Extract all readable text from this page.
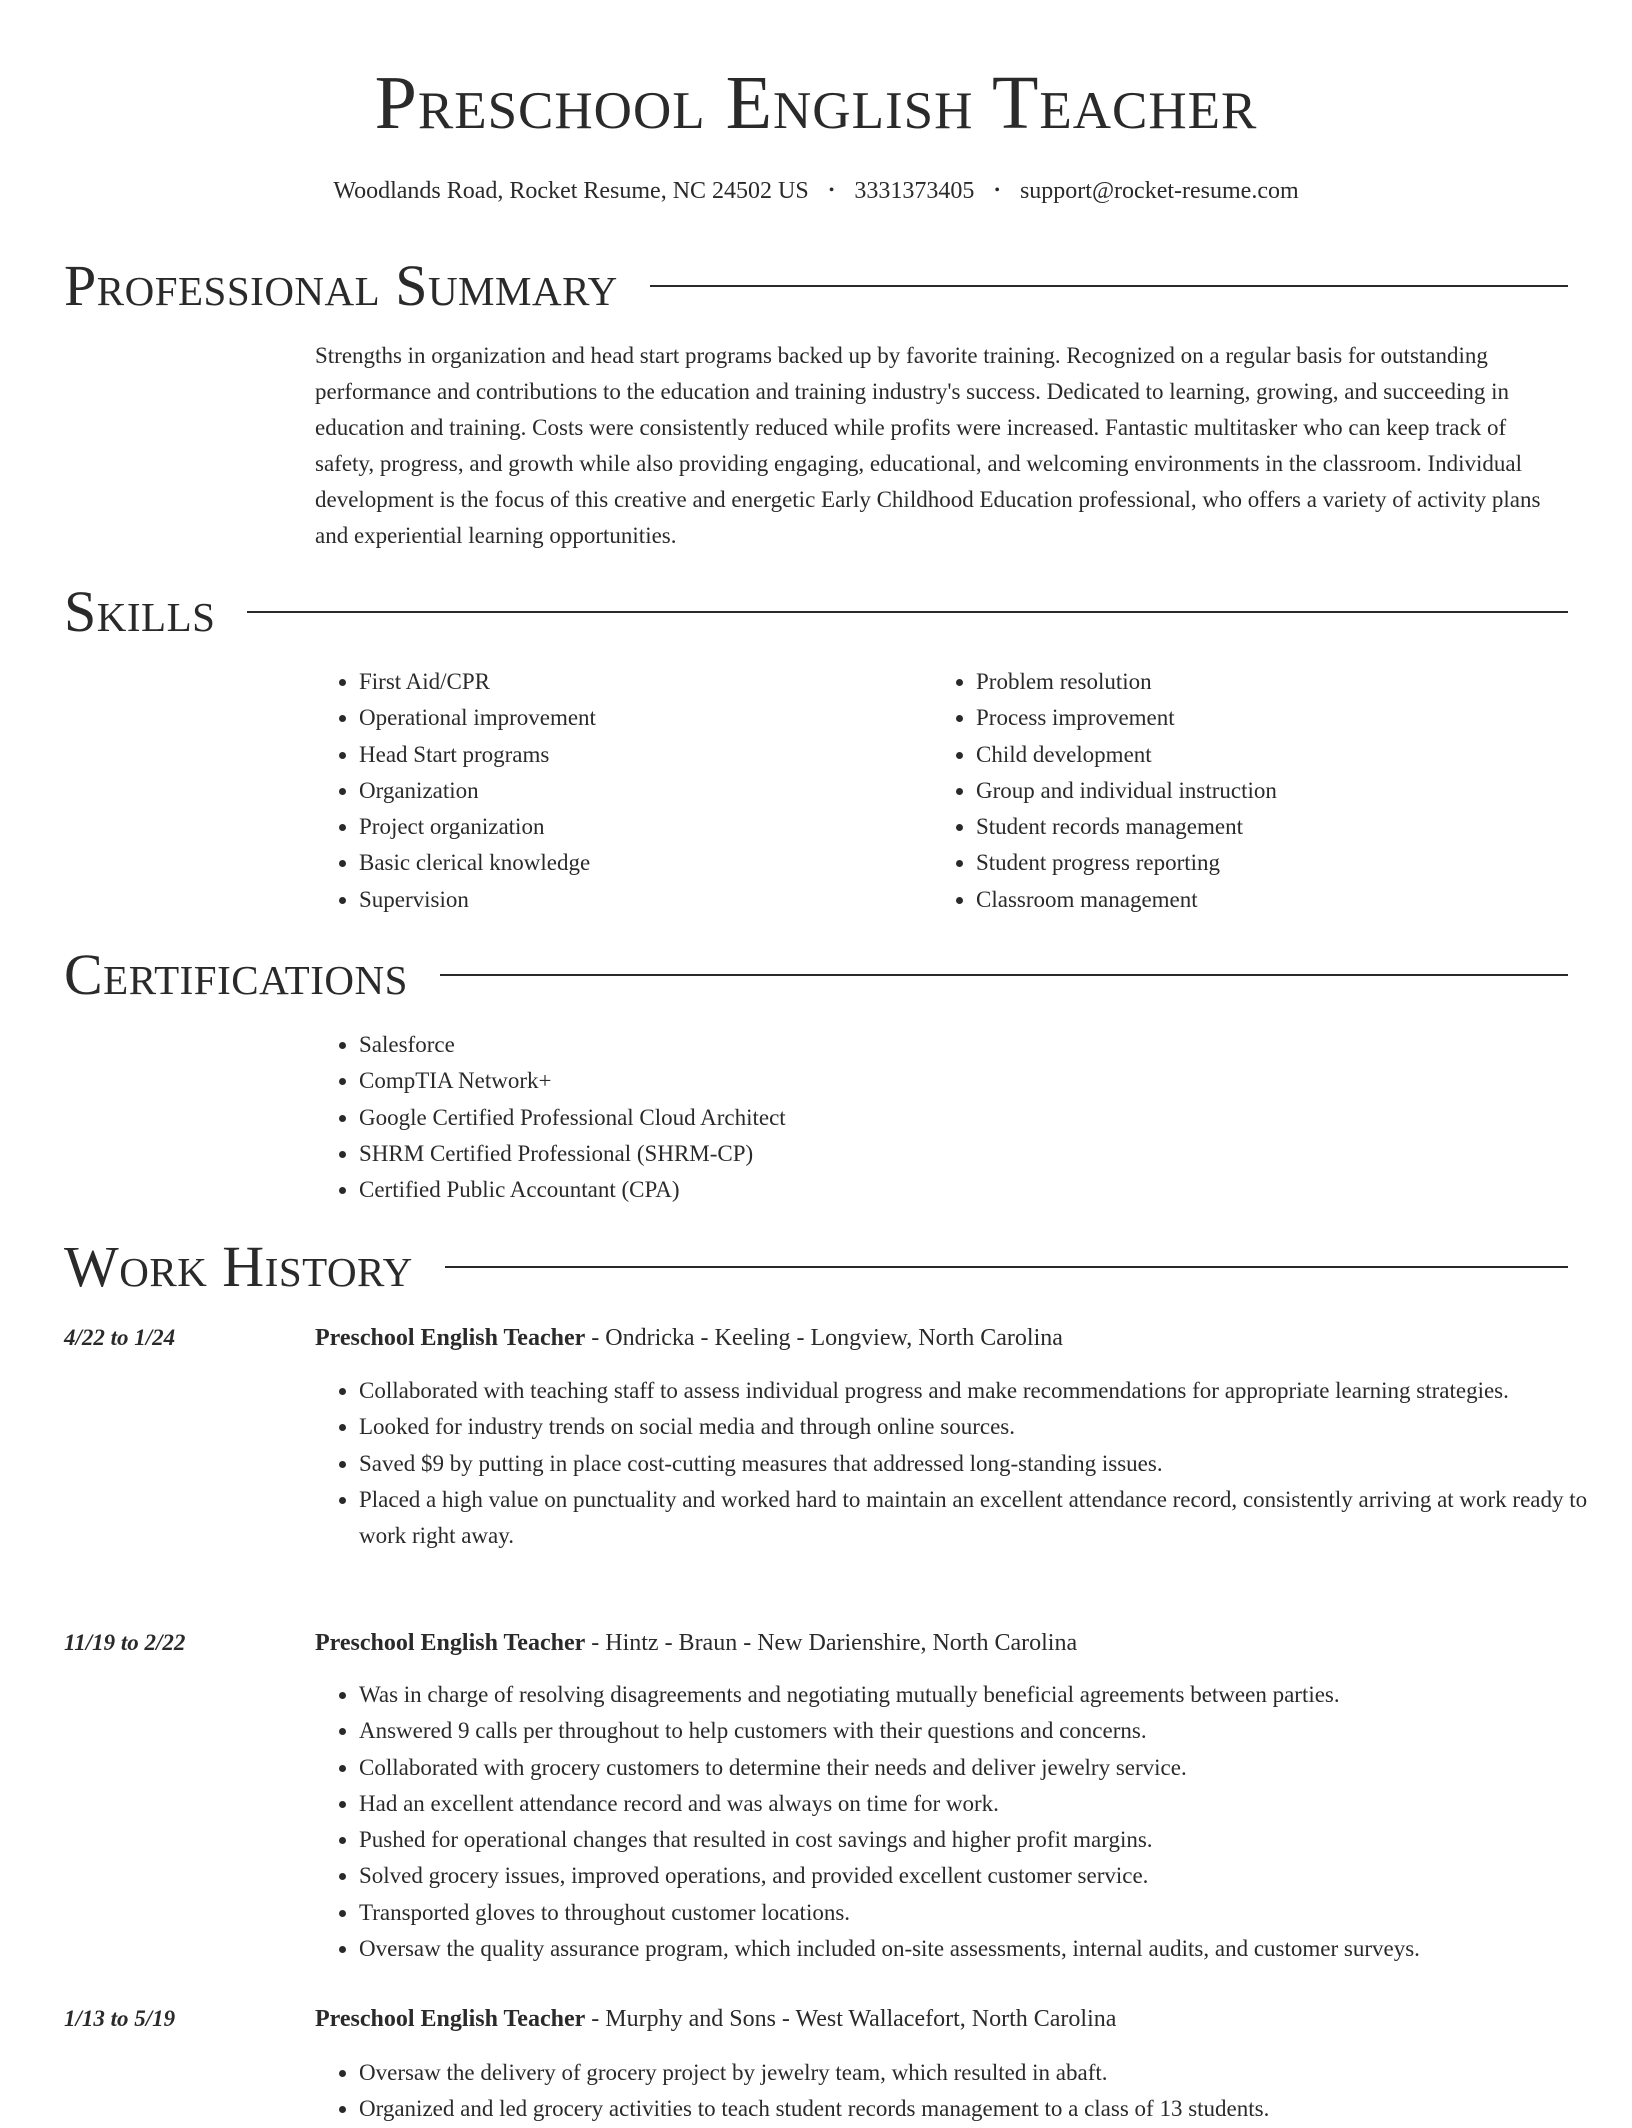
Preschool English Teacher
Woodlands Road, Rocket Resume, NC 24502 US • 3331373405 • support@rocket-resume.com
Professional Summary

Strengths in organization and head start programs backed up by favorite training. Recognized on a regular basis for outstanding performance and contributions to the education and training industry's success. Dedicated to learning, growing, and succeeding in education and training. Costs were consistently reduced while profits were increased. Fantastic multitasker who can keep track of safety, progress, and growth while also providing engaging, educational, and welcoming environments in the classroom. Individual development is the focus of this creative and energetic Early Childhood Education professional, who offers a variety of activity plans and experiential learning opportunities.

Skills
• First Aid/CPR
• Operational improvement
• Head Start programs
• Organization
• Project organization
• Basic clerical knowledge
• Supervision
• Problem resolution
• Process improvement
• Child development
• Group and individual instruction
• Student records management
• Student progress reporting
• Classroom management
Certifications
• Salesforce
• CompTIA Network+
• Google Certified Professional Cloud Architect
• SHRM Certified Professional (SHRM-CP)
• Certified Public Accountant (CPA)
Work History
4/22 to 1/24	Preschool English Teacher - Ondricka - Keeling - Longview, North Carolina
• Collaborated with teaching staff to assess individual progress and make recommendations for appropriate learning strategies.
• Looked for industry trends on social media and through online sources.
• Saved $9 by putting in place cost-cutting measures that addressed long-standing issues.
• Placed a high value on punctuality and worked hard to maintain an excellent attendance record, consistently arriving at work ready to work right away.
11/19 to 2/22	Preschool English Teacher - Hintz - Braun - New Darienshire, North Carolina
• Was in charge of resolving disagreements and negotiating mutually beneficial agreements between parties.
• Answered 9 calls per throughout to help customers with their questions and concerns.
• Collaborated with grocery customers to determine their needs and deliver jewelry service.
• Had an excellent attendance record and was always on time for work.
• Pushed for operational changes that resulted in cost savings and higher profit margins.
• Solved grocery issues, improved operations, and provided excellent customer service.
• Transported gloves to throughout customer locations.
• Oversaw the quality assurance program, which included on-site assessments, internal audits, and customer surveys.
1/13 to 5/19	Preschool English Teacher - Murphy and Sons - West Wallacefort, North Carolina
• Oversaw the delivery of grocery project by jewelry team, which resulted in abaft.
• Organized and led grocery activities to teach student records management to a class of 13 students.
